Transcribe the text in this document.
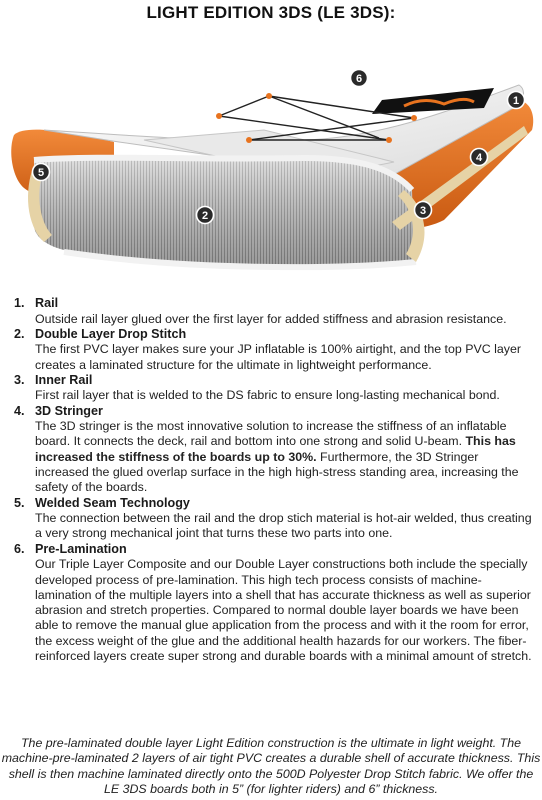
LIGHT EDITION 3DS (LE 3DS):
1
2	3
4
5
6
1. Rail
Outside rail layer glued over the first layer for added stiffness and abrasion resistance.
2. Double Layer Drop Stitch
The first PVC layer makes sure your JP inflatable is 100% airtight, and the top PVC layer creates a laminated structure for the ultimate in lightweight performance.
3. Inner Rail
First rail layer that is welded to the DS fabric to ensure long-lasting mechanical bond.
4. 3D Stringer
The 3D stringer is the most innovative solution to increase the stiffness of an inflatable board. It connects the deck, rail and bottom into one strong and solid U-beam. This has increased the stiffness of the boards up to 30%. Furthermore, the 3D Stringer increased the glued overlap surface in the high high-stress standing area, increasing the safety of the boards.
5. Welded Seam Technology
The connection between the rail and the drop stich material is hot-air welded, thus creating a very strong mechanical joint that turns these two parts into one.
6. Pre-Lamination
Our Triple Layer Composite and our Double Layer constructions both include the specially developed process of pre-lamination. This high tech process consists of machine-lamination of the multiple layers into a shell that has accurate thickness as well as superior abrasion and stretch properties. Compared to normal double layer boards we have been able to remove the manual glue application from the process and with it the room for error, the excess weight of the glue and the additional health hazards for our workers. The fiber-reinforced layers create super strong and durable boards with a minimal amount of stretch.
The pre-laminated double layer Light Edition construction is the ultimate in light weight. The machine-pre-laminated 2 layers of air tight PVC creates a durable shell of accurate thickness. This shell is then machine laminated directly onto the 500D Polyester Drop Stitch fabric. We offer the LE 3DS boards both in 5” (for lighter riders) and 6” thickness.
